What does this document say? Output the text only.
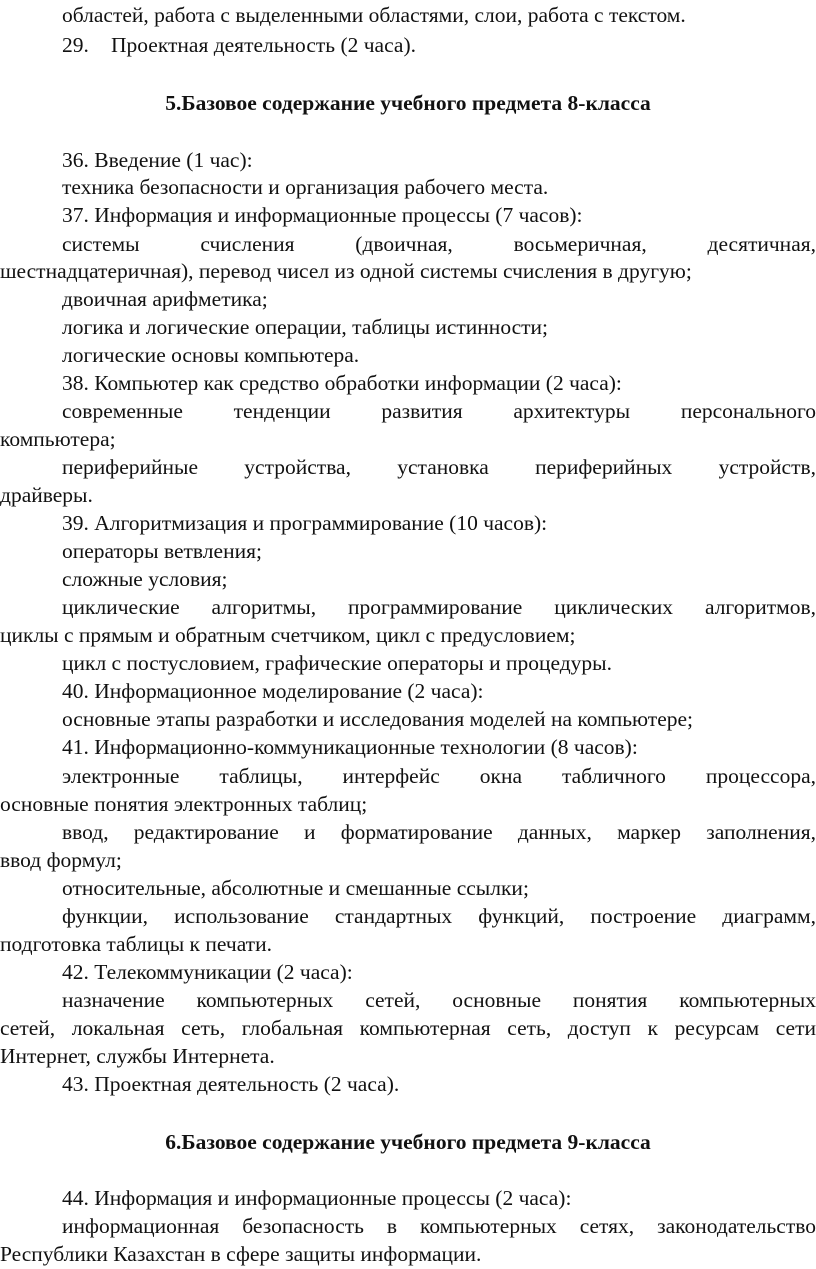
областей, работа с выделенными областями, слои, работа с текстом.
29. Проектная деятельность (2 часа).
5.Базовое содержание учебного предмета 8-класса
36. Введение (1 час):
техника безопасности и организация рабочего места.
37. Информация и информационные процессы (7 часов):
системы счисления (двоичная, восьмеричная, десятичная,
шестнадцатеричная), перевод чисел из одной системы счисления в другую;
двоичная арифметика;
логика и логические операции, таблицы истинности;
логические основы компьютера.
38. Компьютер как средство обработки информации (2 часа):
современные тенденции развития архитектуры персонального
компьютера;
периферийные устройства, установка периферийных устройств,
драйверы.
39. Алгоритмизация и программирование (10 часов):
операторы ветвления;
сложные условия;
циклические алгоритмы, программирование циклических алгоритмов,
циклы с прямым и обратным счетчиком, цикл с предусловием;
цикл с постусловием, графические операторы и процедуры.
40. Информационное моделирование (2 часа):
основные этапы разработки и исследования моделей на компьютере;
41. Информационно-коммуникационные технологии (8 часов):
электронные таблицы, интерфейс окна табличного процессора,
основные понятия электронных таблиц;
ввод, редактирование и форматирование данных, маркер заполнения,
ввод формул;
относительные, абсолютные и смешанные ссылки;
функции, использование стандартных функций, построение диаграмм,
подготовка таблицы к печати.
42. Телекоммуникации (2 часа):
назначение компьютерных сетей, основные понятия компьютерных
сетей, локальная сеть, глобальная компьютерная сеть, доступ к ресурсам сети
Интернет, службы Интернета.
43. Проектная деятельность (2 часа).
6.Базовое содержание учебного предмета 9-класса
44. Информация и информационные процессы (2 часа):
информационная безопасность в компьютерных сетях, законодательство
Республики Казахстан в сфере защиты информации.
